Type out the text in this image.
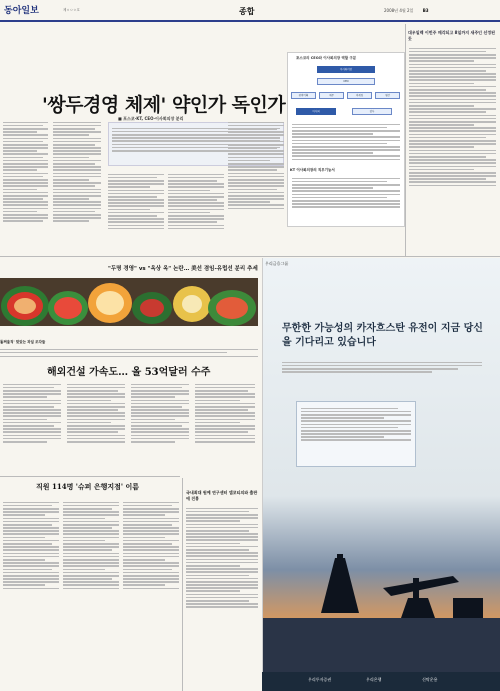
동아일보	제ㅇㅇㅇ호	종합	2008년 4월 2일 B3
'쌍두경영 체제' 약인가 독인가
■ 포스코·KT, CEO·이사회의장 분리
포스코의 CEO와 이사회의장 역할 구분
이사회의장
CEO
전략기획	재무	마케팅	생산
이사회	감사
KT 이사회의장의 직무기능서
대우일렉 이번주 매각되고 8일까지 새주인 선정된 듯
"두명 경영" vs "옥상 옥" 논란… 美선 겸임-유럽선 분리 추세
돌쩌울직' 맞았는 과일 조각들
해외건설 가속도… 올 53억달러 수주
직원 114명 '슈퍼 은행지점' 이름
국내최대 원예 연구센터 앱코티의와 출판에 진흥
우리금융그룹
무한한 가능성의 카자흐스탄 유전이 지금 당신을 기다리고 있습니다
우리투자증권	우리은행	신탁운용
